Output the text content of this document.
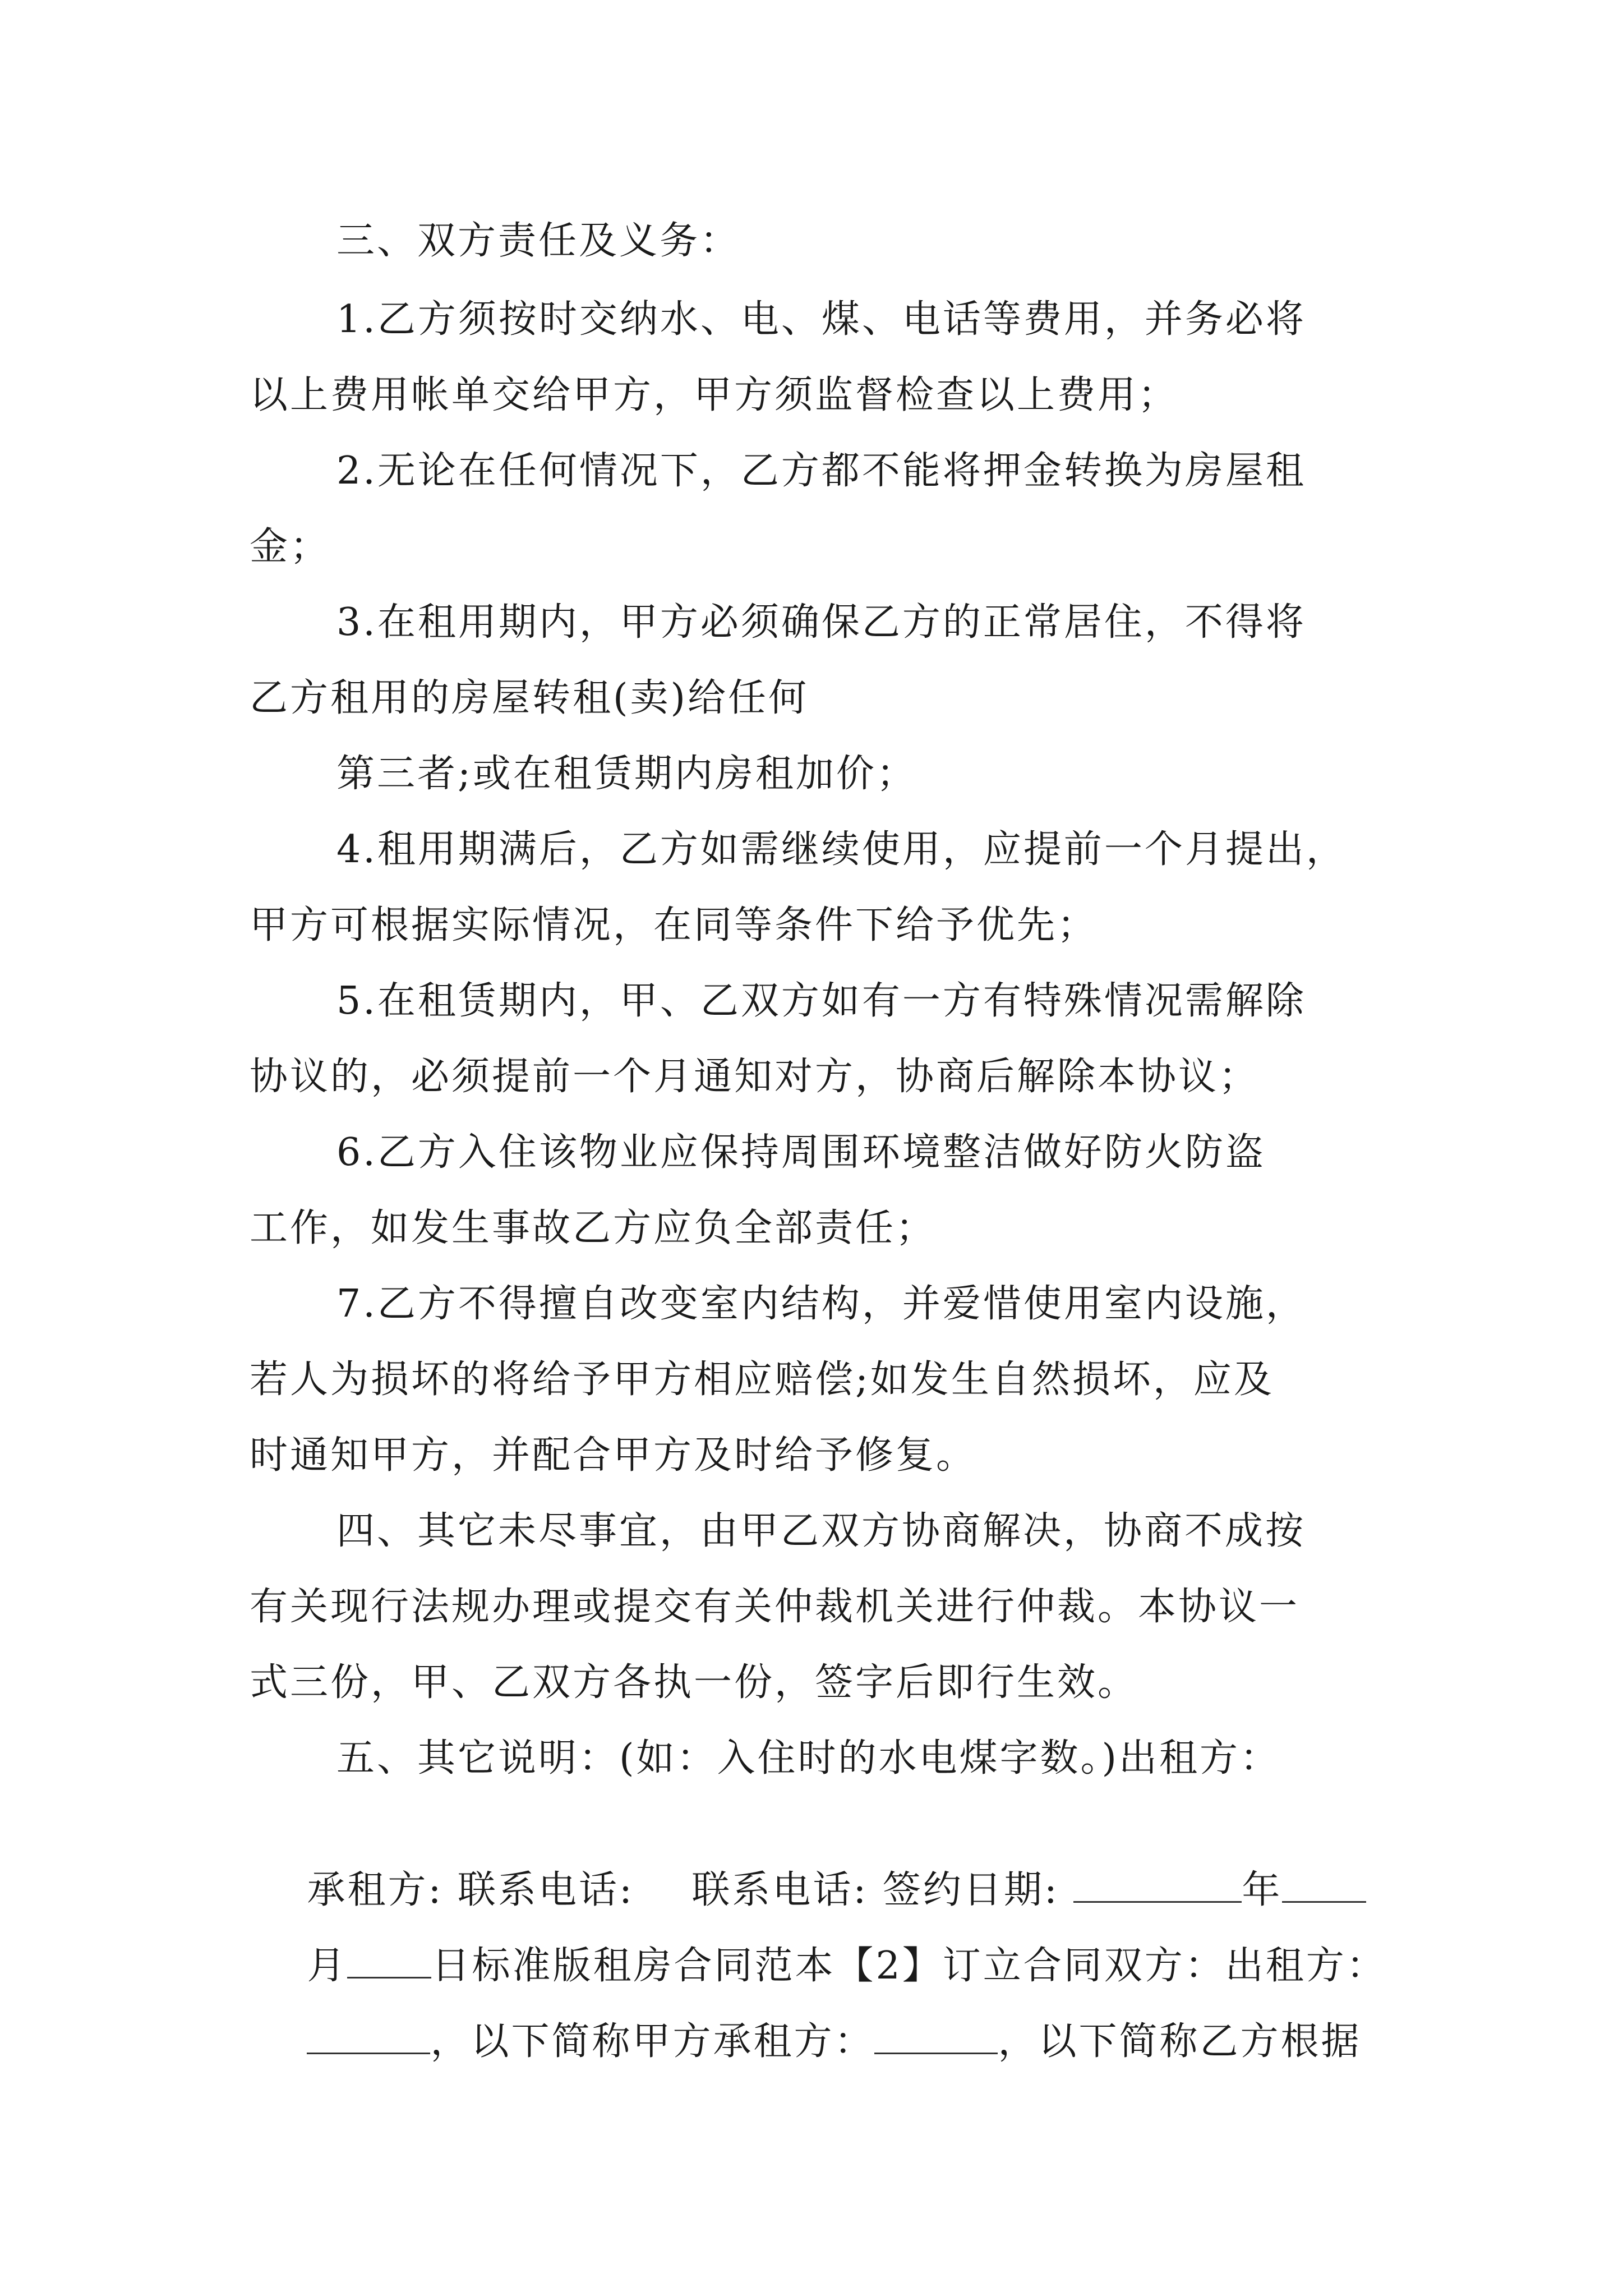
三、双方责任及义务：
1.乙方须按时交纳水、电、煤、电话等费用，并务必将
以上费用帐单交给甲方，甲方须监督检查以上费用；
2.无论在任何情况下，乙方都不能将押金转换为房屋租
金；
3.在租用期内，甲方必须确保乙方的正常居住，不得将
乙方租用的房屋转租(卖)给任何
第三者;或在租赁期内房租加价；
4.租用期满后，乙方如需继续使用，应提前一个月提出，
甲方可根据实际情况，在同等条件下给予优先；
5.在租赁期内，甲、乙双方如有一方有特殊情况需解除
协议的，必须提前一个月通知对方，协商后解除本协议；
6.乙方入住该物业应保持周围环境整洁做好防火防盗
工作，如发生事故乙方应负全部责任；
7.乙方不得擅自改变室内结构，并爱惜使用室内设施，
若人为损坏的将给予甲方相应赔偿;如发生自然损坏，应及
时通知甲方，并配合甲方及时给予修复。
四、其它未尽事宜，由甲乙双方协商解决，协商不成按
有关现行法规办理或提交有关仲裁机关进行仲裁。本协议一
式三份，甲、乙双方各执一份，签字后即行生效。
五、其它说明：(如：入住时的水电煤字数。)出租方：

承租方: 联系电话:    联系电话: 签约日期:	年

月 日标准版租房合同范本【2】订立合同双方：出租方：

，以下简称甲方承租方：	，以下简称乙方根据
